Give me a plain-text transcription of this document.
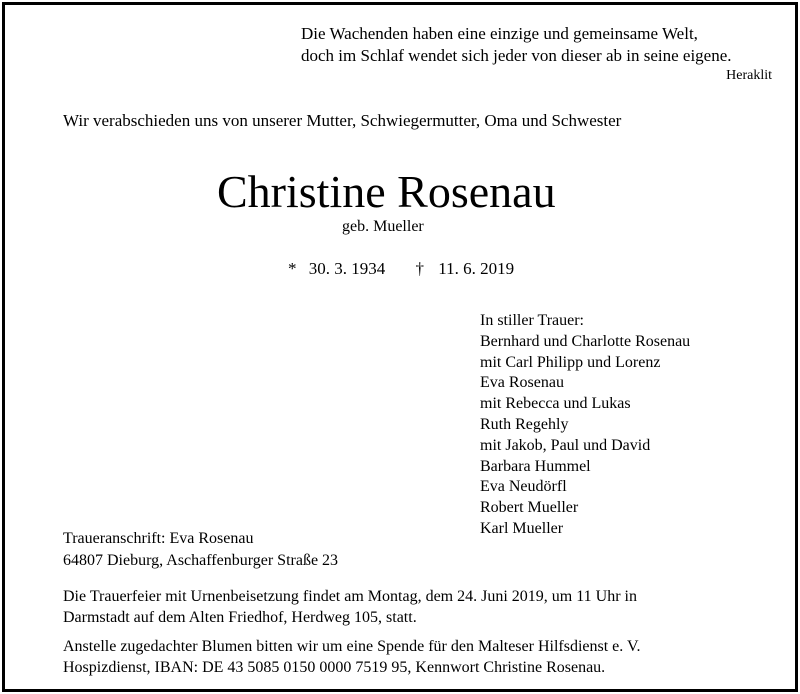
Die Wachenden haben eine einzige und gemeinsame Welt,
doch im Schlaf wendet sich jeder von dieser ab in seine eigene.
Heraklit
Wir verabschieden uns von unserer Mutter, Schwiegermutter, Oma und Schwester
Christine Rosenau
geb. Mueller
* 30. 3. 1934 † 11. 6. 2019
In stiller Trauer:
Bernhard und Charlotte Rosenau
mit Carl Philipp und Lorenz
Eva Rosenau
mit Rebecca und Lukas
Ruth Regehly
mit Jakob, Paul und David
Barbara Hummel
Eva Neudörfl
Robert Mueller
Karl Mueller
Traueranschrift: Eva Rosenau
64807 Dieburg, Aschaffenburger Straße 23
Die Trauerfeier mit Urnenbeisetzung findet am Montag, dem 24. Juni 2019, um 11 Uhr in
Darmstadt auf dem Alten Friedhof, Herdweg 105, statt.
Anstelle zugedachter Blumen bitten wir um eine Spende für den Malteser Hilfsdienst e. V.
Hospizdienst, IBAN: DE 43 5085 0150 0000 7519 95, Kennwort Christine Rosenau.
